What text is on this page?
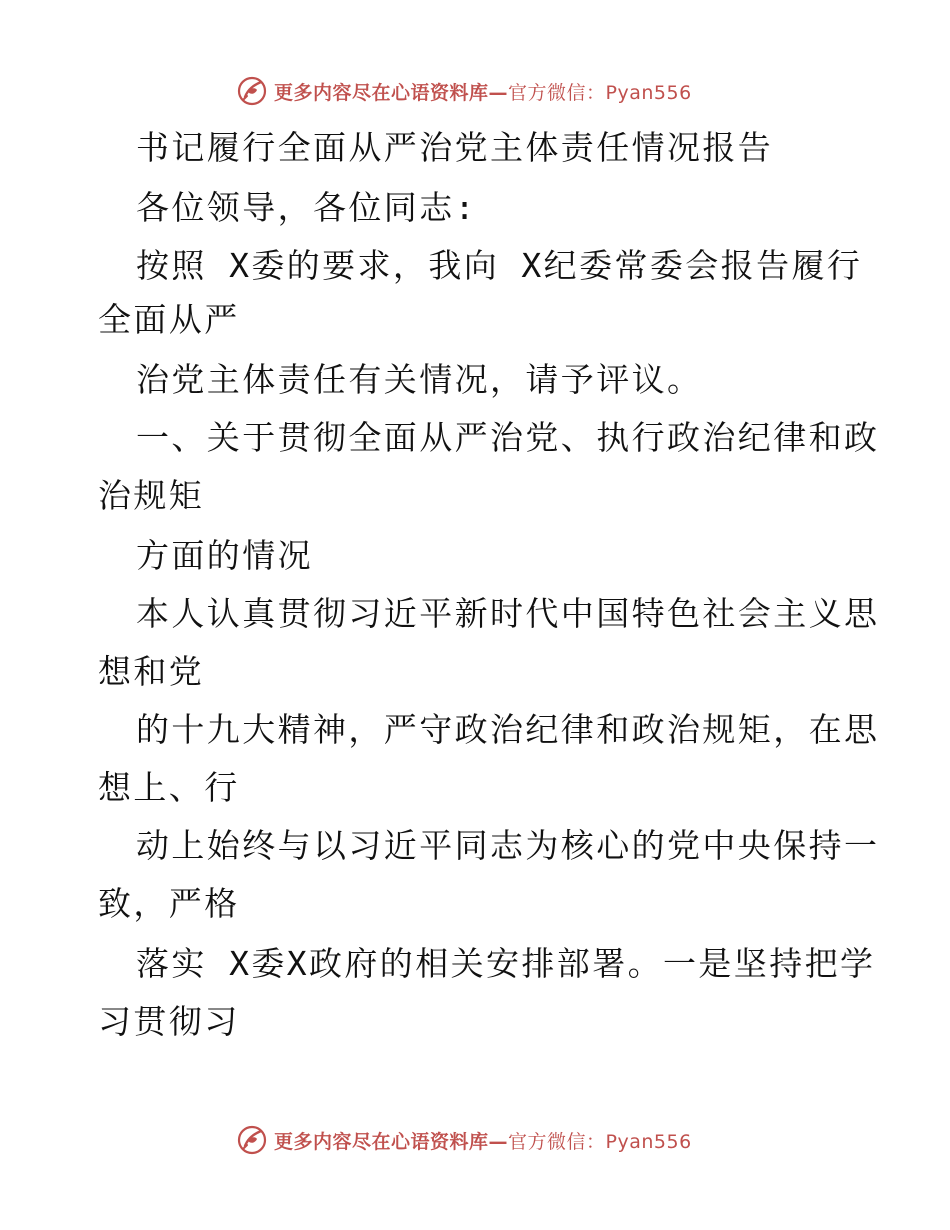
更多内容尽在心语资料库—官方微信：Pyan556
书记履行全面从严治党主体责任情况报告
各位领导，各位同志:
按照 X委的要求，我向 X纪委常委会报告履行
全面从严
治党主体责任有关情况，请予评议。
一、关于贯彻全面从严治党、执行政治纪律和政
治规矩
方面的情况
本人认真贯彻习近平新时代中国特色社会主义思
想和党
的十九大精神，严守政治纪律和政治规矩，在思
想上、行
动上始终与以习近平同志为核心的党中央保持一
致，严格
落实 X委X政府的相关安排部署。一是坚持把学
习贯彻习
更多内容尽在心语资料库—官方微信：Pyan556
